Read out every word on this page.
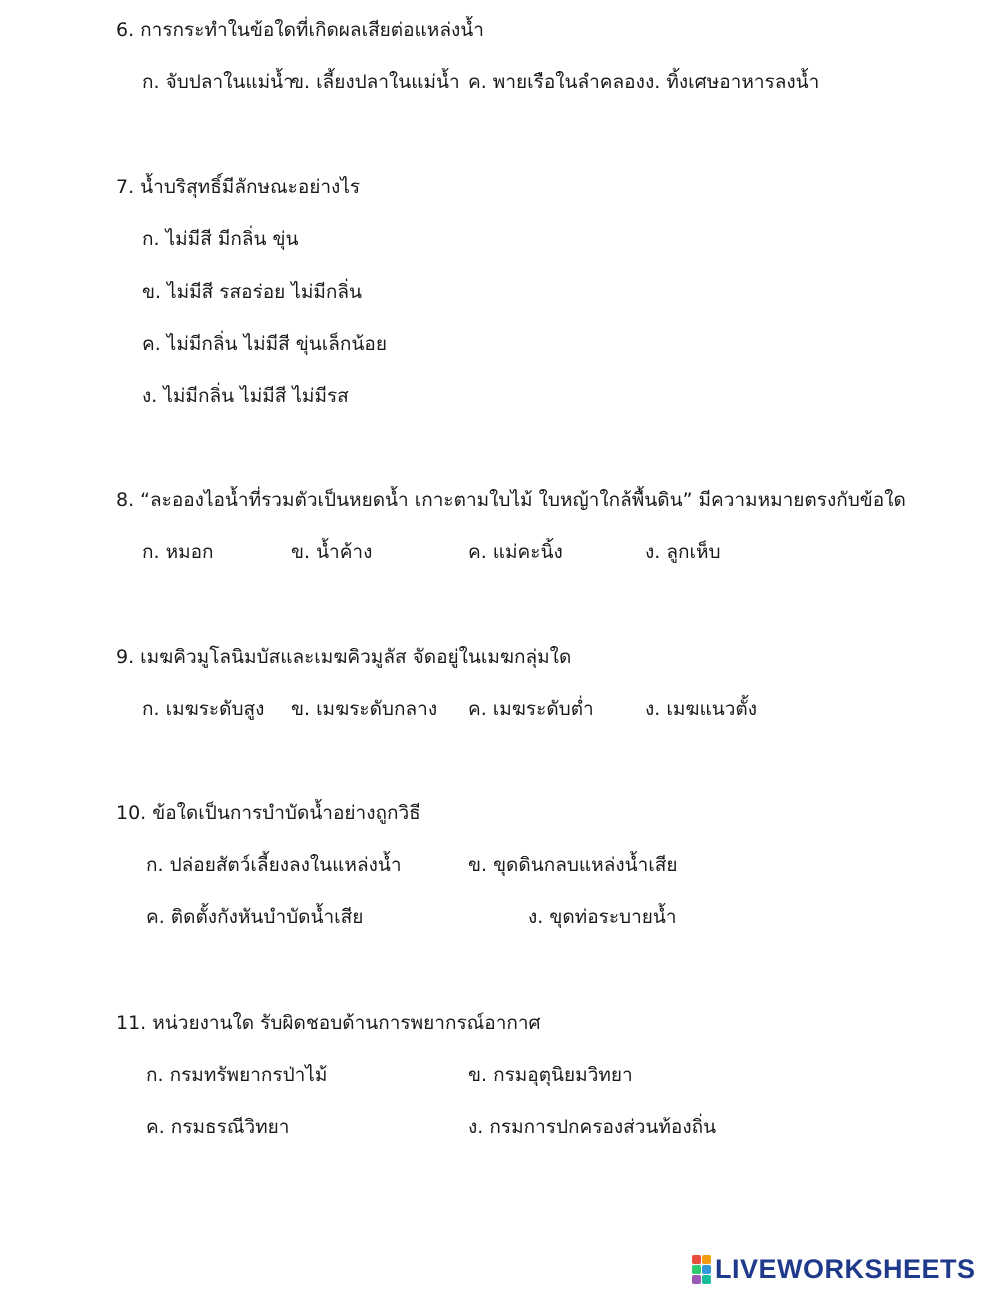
6. การกระทำในข้อใดที่เกิดผลเสียต่อแหล่งน้ำ
ก. จับปลาในแม่น้ำ
ข. เลี้ยงปลาในแม่น้ำ ค. พายเรือในลำคลอง ง. ทิ้งเศษอาหารลงน้ำ
7. น้ำบริสุทธิ์มีลักษณะอย่างไร
ก. ไม่มีสี มีกลิ่น ขุ่น
ข. ไม่มีสี รสอร่อย ไม่มีกลิ่น
ค. ไม่มีกลิ่น ไม่มีสี ขุ่นเล็กน้อย
ง. ไม่มีกลิ่น ไม่มีสี ไม่มีรส
8. “ละอองไอน้ำที่รวมตัวเป็นหยดน้ำ เกาะตามใบไม้ ใบหญ้าใกล้พื้นดิน” มีความหมายตรงกับข้อใด
ก. หมอก	ข. น้ำค้าง	ค. แม่คะนิ้ง	ง. ลูกเห็บ
9. เมฆคิวมูโลนิมบัสและเมฆคิวมูลัส จัดอยู่ในเมฆกลุ่มใด
ก. เมฆระดับสูง ข. เมฆระดับกลาง ค. เมฆระดับต่ำ	ง. เมฆแนวตั้ง
10. ข้อใดเป็นการบำบัดน้ำอย่างถูกวิธี
ก. ปล่อยสัตว์เลี้ยงลงในแหล่งน้ำ	ข. ขุดดินกลบแหล่งน้ำเสีย
ค. ติดตั้งกังหันบำบัดน้ำเสีย	ง. ขุดท่อระบายน้ำ
11. หน่วยงานใด รับผิดชอบด้านการพยากรณ์อากาศ
ก. กรมทรัพยากรป่าไม้	ข. กรมอุตุนิยมวิทยา
ค. กรมธรณีวิทยา	ง. กรมการปกครองส่วนท้องถิ่น
LIVEWORKSHEETS
